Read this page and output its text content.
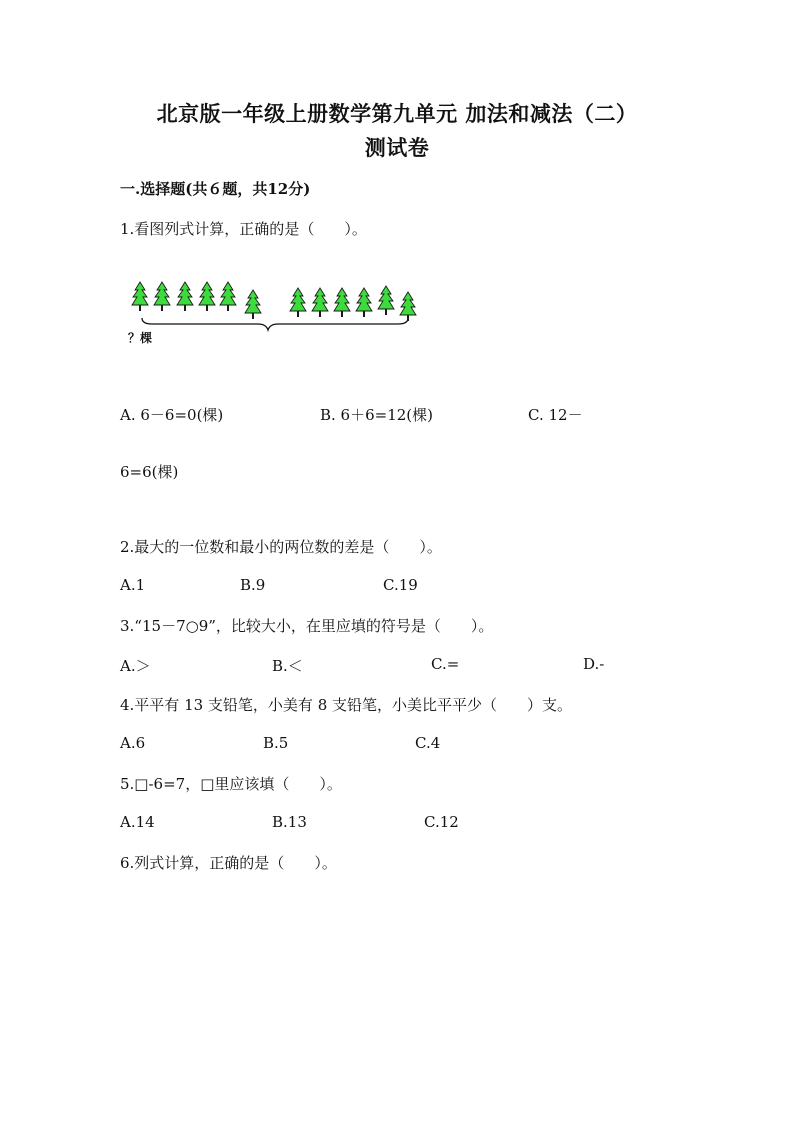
北京版一年级上册数学第九单元 加法和减法（二）
测试卷
一.选择题(共６题，共12分)
1.看图列式计算，正确的是（　　）。
？棵
A. 6－6=0(棵)	B. 6＋6=12(棵)	C. 12－
6=6(棵)
2.最大的一位数和最小的两位数的差是（　　）。
A.1	B.9	C.19
3.“15－7○9”，比较大小，在里应填的符号是（　　）。
A.＞	B.＜	C.=	D.-
4.平平有 13 支铅笔，小美有 8 支铅笔，小美比平平少（　　）支。
A.6	B.5	C.4
5.□-6=7，□里应该填（　　）。
A.14	B.13	C.12
6.列式计算，正确的是（　　）。
